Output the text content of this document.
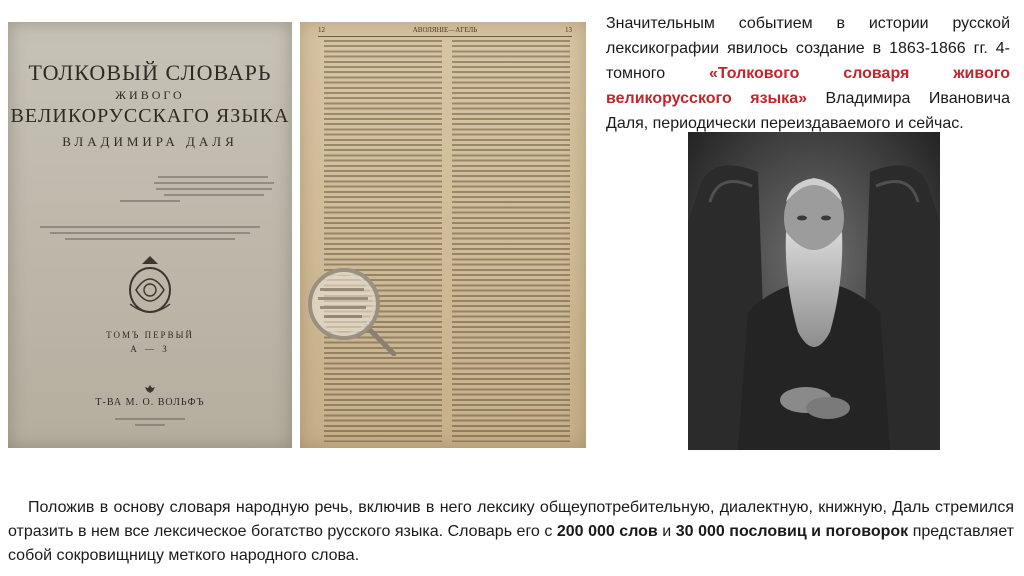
ТОЛКОВЫЙ СЛОВАРЬ
ЖИВОГО
ВЕЛИКОРУССКАГО ЯЗЫКА
ВЛАДИМИРА ДАЛЯ
ТОМЪ ПЕРВЫЙ
А — З
Т-ВА М. О. ВОЛЬФЪ
12	АВОЛЯНІЕ—АГЕЛЬ	13 Значительным событием в истории русской лексикографии явилось создание в 1863-1866 гг. 4-томного «Толкового словаря живого великорусского языка» Владимира Ивановича Даля, периодически переиздаваемого и сейчас.
Положив в основу словаря народную речь, включив в него лексику общеупотребительную, диалектную, книжную, Даль стремился отразить в нем все лексическое богатство русского языка. Словарь его с 200 000 слов и 30 000 пословиц и поговорок представляет собой сокровищницу меткого народного слова.
